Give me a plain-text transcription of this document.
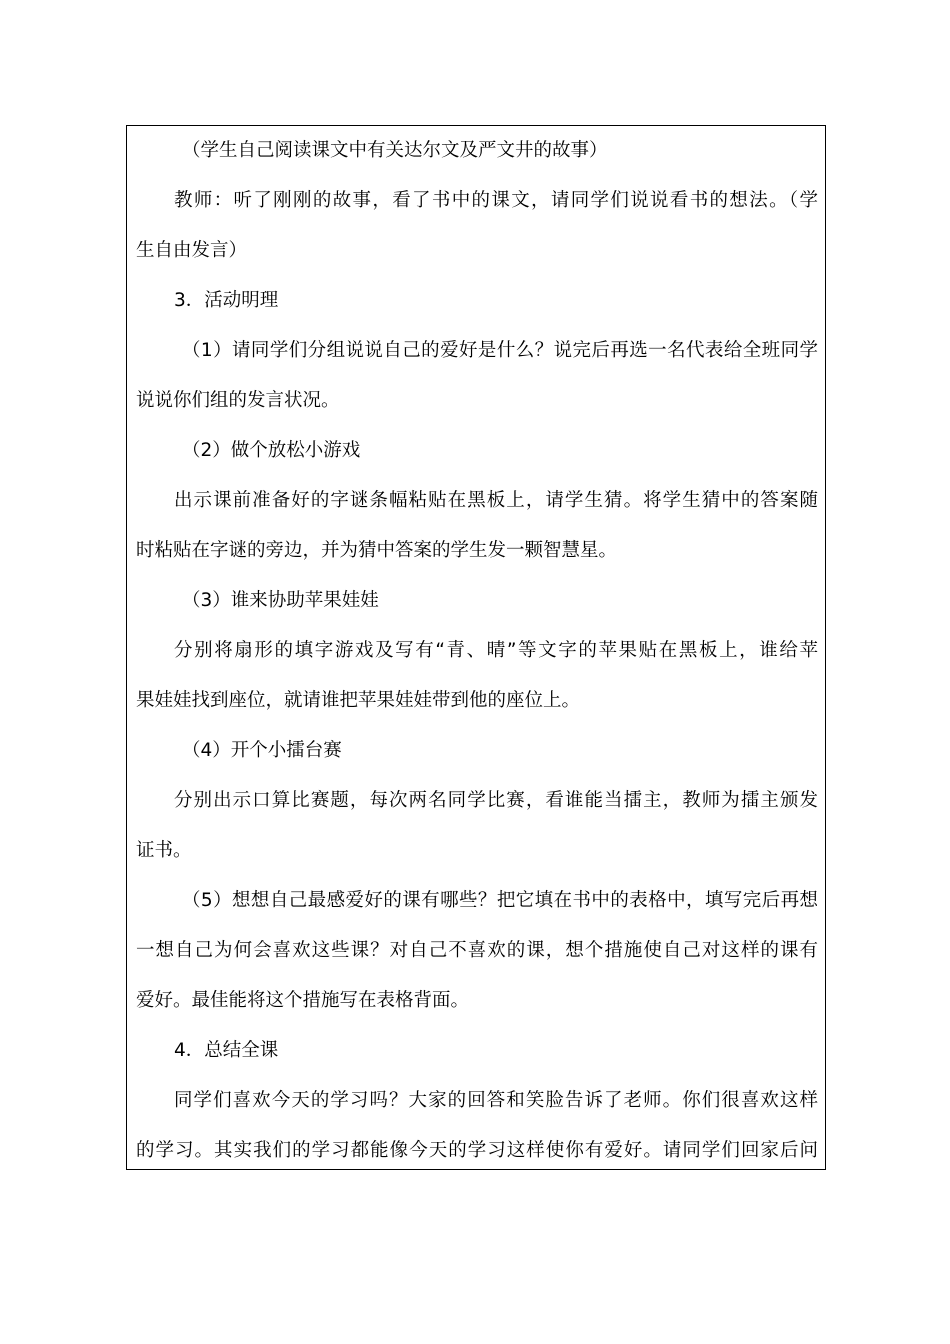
（学生自己阅读课文中有关达尔文及严文井的故事）
教师：听了刚刚的故事，看了书中的课文，请同学们说说看书的想法。（学
生自由发言）
3．活动明理
（1）请同学们分组说说自己的爱好是什么？说完后再选一名代表给全班同学
说说你们组的发言状况。
（2）做个放松小游戏
出示课前准备好的字谜条幅粘贴在黑板上，请学生猜。将学生猜中的答案随
时粘贴在字谜的旁边，并为猜中答案的学生发一颗智慧星。
（3）谁来协助苹果娃娃
分别将扇形的填字游戏及写有“青、晴”等文字的苹果贴在黑板上，谁给苹
果娃娃找到座位，就请谁把苹果娃娃带到他的座位上。
（4）开个小擂台赛
分别出示口算比赛题，每次两名同学比赛，看谁能当擂主，教师为擂主颁发
证书。
（5）想想自己最感爱好的课有哪些？把它填在书中的表格中，填写完后再想
一想自己为何会喜欢这些课？对自己不喜欢的课，想个措施使自己对这样的课有
爱好。最佳能将这个措施写在表格背面。
4．总结全课
同学们喜欢今天的学习吗？大家的回答和笑脸告诉了老师。你们很喜欢这样
的学习。其实我们的学习都能像今天的学习这样使你有爱好。请同学们回家后问
